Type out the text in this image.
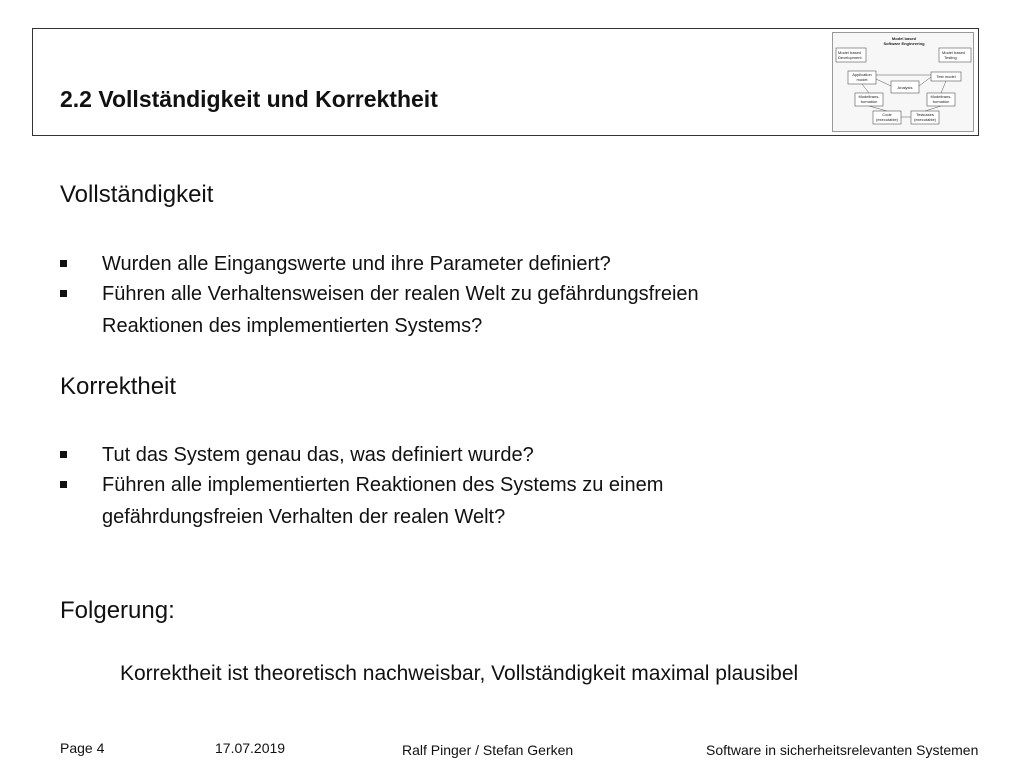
2.2 Vollständigkeit und Korrektheit
Model based
Software Engineering
Model based
Development
Model based
Testing
Application
model
Test model
Analysis
Modeltrans-
formation
Modeltrans-
formation
Code
(executable)
Testcases
(executable)
Vollständigkeit
Wurden alle Eingangswerte und ihre Parameter definiert?
Führen alle Verhaltensweisen der realen Welt zu gefährdungsfreien
Reaktionen des implementierten Systems?
Korrektheit
Tut das System genau das, was definiert wurde?
Führen alle implementierten Reaktionen des Systems zu einem
gefährdungsfreien Verhalten der realen Welt?
Folgerung:
Korrektheit ist theoretisch nachweisbar, Vollständigkeit maximal plausibel
Page 4	17.07.2019	Ralf Pinger / Stefan Gerken	Software in sicherheitsrelevanten Systemen
